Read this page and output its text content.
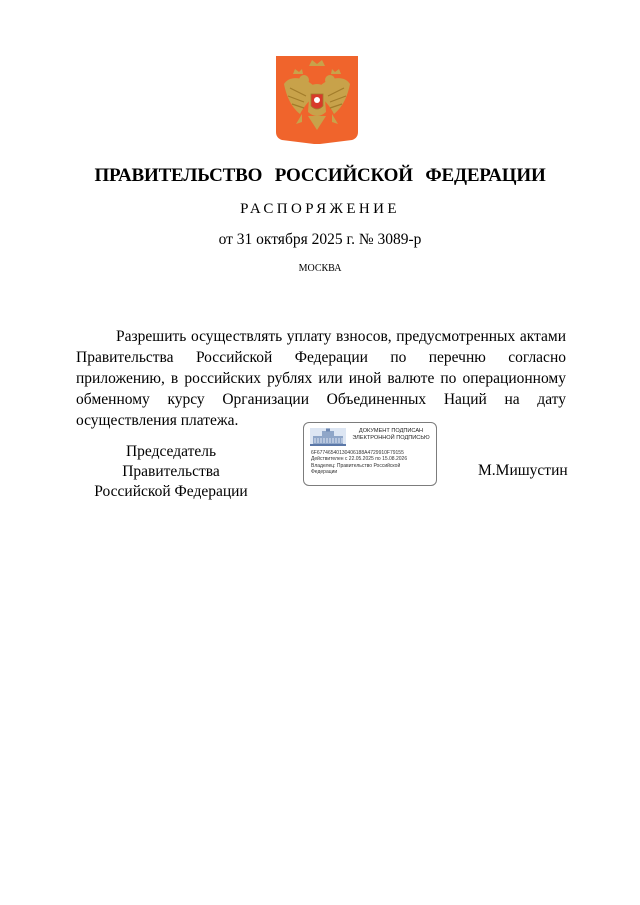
ПРАВИТЕЛЬСТВО РОССИЙСКОЙ ФЕДЕРАЦИИ
РАСПОРЯЖЕНИЕ
от 31 октября 2025 г. № 3089-р
МОСКВА
Разрешить осуществлять уплату взносов, предусмотренных актами Правительства Российской Федерации по перечню согласно приложению, в российских рублях или иной валюте по операционному обменному курсу Организации Объединенных Наций на дату осуществления платежа.
Председатель Правительства
Российской Федерации
ДОКУМЕНТ ПОДПИСАН
ЭЛЕКТРОННОЙ ПОДПИСЬЮ
6F67746540130406188A4729910F79155
Действителен с 22.05.2025 по 15.08.2026
Владелец: Правительство Российской
Федерации	М.Мишустин
